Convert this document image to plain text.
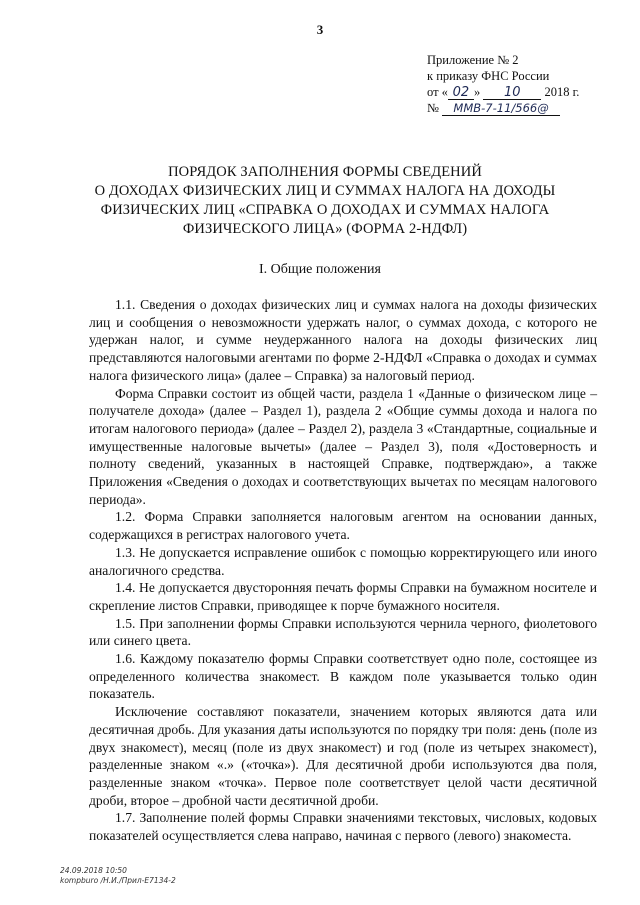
3
Приложение № 2
к приказу ФНС России
от « 02 » 10 2018 г.
№ ММВ-7-11/566@
ПОРЯДОК ЗАПОЛНЕНИЯ ФОРМЫ СВЕДЕНИЙ
О ДОХОДАХ ФИЗИЧЕСКИХ ЛИЦ И СУММАХ НАЛОГА НА ДОХОДЫ
ФИЗИЧЕСКИХ ЛИЦ «СПРАВКА О ДОХОДАХ И СУММАХ НАЛОГА
ФИЗИЧЕСКОГО ЛИЦА» (ФОРМА 2-НДФЛ)
I. Общие положения

1.1. Сведения о доходах физических лиц и суммах налога на доходы физических лиц и сообщения о невозможности удержать налог, о суммах дохода, с которого не удержан налог, и сумме неудержанного налога на доходы физических лиц представляются налоговыми агентами по форме 2-НДФЛ «Справка о доходах и суммах налога физического лица» (далее – Справка) за налоговый период.

Форма Справки состоит из общей части, раздела 1 «Данные о физическом лице – получателе дохода» (далее – Раздел 1), раздела 2 «Общие суммы дохода и налога по итогам налогового периода» (далее – Раздел 2), раздела 3 «Стандартные, социальные и имущественные налоговые вычеты» (далее – Раздел 3), поля «Достоверность и полноту сведений, указанных в настоящей Справке, подтверждаю», а также Приложения «Сведения о доходах и соответствующих вычетах по месяцам налогового периода».

1.2. Форма Справки заполняется налоговым агентом на основании данных, содержащихся в регистрах налогового учета.

1.3. Не допускается исправление ошибок с помощью корректирующего или иного аналогичного средства.

1.4. Не допускается двусторонняя печать формы Справки на бумажном носителе и скрепление листов Справки, приводящее к порче бумажного носителя.

1.5. При заполнении формы Справки используются чернила черного, фиолетового или синего цвета.

1.6. Каждому показателю формы Справки соответствует одно поле, состоящее из определенного количества знакомест. В каждом поле указывается только один показатель.

Исключение составляют показатели, значением которых являются дата или десятичная дробь. Для указания даты используются по порядку три поля: день (поле из двух знакомест), месяц (поле из двух знакомест) и год (поле из четырех знакомест), разделенные знаком «.» («точка»). Для десятичной дроби используются два поля, разделенные знаком «точка». Первое поле соответствует целой части десятичной дроби, второе – дробной части десятичной дроби.

1.7. Заполнение полей формы Справки значениями текстовых, числовых, кодовых показателей осуществляется слева направо, начиная с первого (левого) знакоместа.

24.09.2018 10:50
kompburo /Н.И./Прил-Е7134-2
